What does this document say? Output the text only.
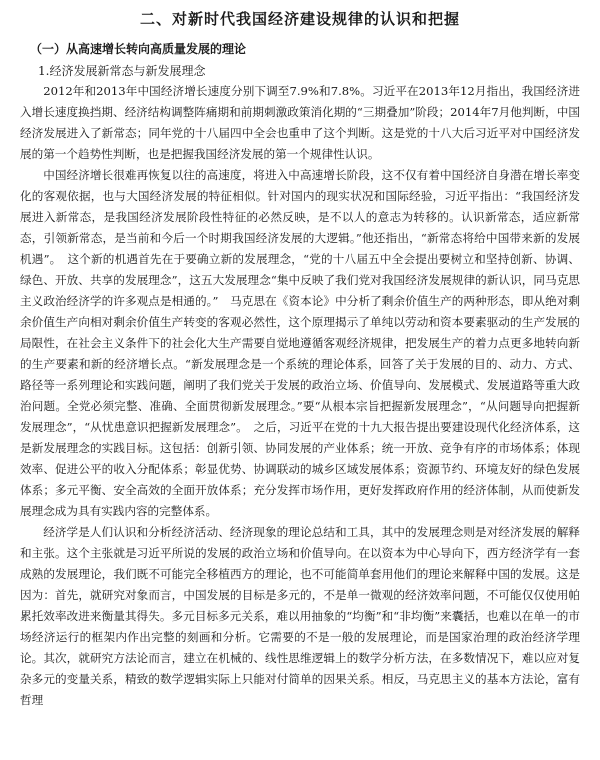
二、对新时代我国经济建设规律的认识和把握
（一）从高速增长转向高质量发展的理论
1.经济发展新常态与新发展理念

2012年和2013年中国经济增长速度分别下调至7.9%和7.8%。习近平在2013年12月指出，我国经济进入增长速度换挡期、经济结构调整阵痛期和前期刺激政策消化期的“三期叠加”阶段；2014年7月他判断，中国经济发展进入了新常态；同年党的十八届四中全会也重申了这个判断。这是党的十八大后习近平对中国经济发展的第一个趋势性判断，也是把握我国经济发展的第一个规律性认识。

中国经济增长很难再恢复以往的高速度，将进入中高速增长阶段，这不仅有着中国经济自身潜在增长率变化的客观依据，也与大国经济发展的特征相似。针对国内的现实状况和国际经验，习近平指出：“我国经济发展进入新常态，是我国经济发展阶段性特征的必然反映，是不以人的意志为转移的。认识新常态，适应新常态，引领新常态，是当前和今后一个时期我国经济发展的大逻辑。”他还指出，“新常态将给中国带来新的发展机遇”。　这个新的机遇首先在于要确立新的发展理念，“党的十八届五中全会提出要树立和坚持创新、协调、绿色、开放、共享的发展理念”，这五大发展理念“集中反映了我们党对我国经济发展规律的新认识，同马克思主义政治经济学的许多观点是相通的。”　马克思在《资本论》中分析了剩余价值生产的两种形态，即从绝对剩余价值生产向相对剩余价值生产转变的客观必然性，这个原理揭示了单纯以劳动和资本要素驱动的生产发展的局限性，在社会主义条件下的社会化大生产需要自觉地遵循客观经济规律，把发展生产的着力点更多地转向新的生产要素和新的经济增长点。“新发展理念是一个系统的理论体系，回答了关于发展的目的、动力、方式、路径等一系列理论和实践问题，阐明了我们党关于发展的政治立场、价值导向、发展模式、发展道路等重大政治问题。全党必须完整、准确、全面贯彻新发展理念。”要“从根本宗旨把握新发展理念”，“从问题导向把握新发展理念”，“从忧患意识把握新发展理念”。　之后，习近平在党的十九大报告提出要建设现代化经济体系，这是新发展理念的实践目标。这包括：创新引领、协同发展的产业体系；统一开放、竞争有序的市场体系；体现效率、促进公平的收入分配体系；彰显优势、协调联动的城乡区域发展体系；资源节约、环境友好的绿色发展体系；多元平衡、安全高效的全面开放体系；充分发挥市场作用，更好发挥政府作用的经济体制，从而使新发展理念成为具有实践内容的完整体系。

经济学是人们认识和分析经济活动、经济现象的理论总结和工具，其中的发展理念则是对经济发展的解释和主张。这个主张就是习近平所说的发展的政治立场和价值导向。在以资本为中心导向下，西方经济学有一套成熟的发展理论，我们既不可能完全移植西方的理论，也不可能简单套用他们的理论来解释中国的发展。这是因为：首先，就研究对象而言，中国发展的目标是多元的，不是单一微观的经济效率问题，不可能仅仅使用帕累托效率改进来衡量其得失。多元目标多元关系，难以用抽象的“均衡”和“非均衡”来囊括，也难以在单一的市场经济运行的框架内作出完整的刻画和分析。它需要的不是一般的发展理论，而是国家治理的政治经济学理论。其次，就研究方法论而言，建立在机械的、线性思维逻辑上的数学分析方法，在多数情况下，难以应对复杂多元的变量关系，精致的数学逻辑实际上只能对付简单的因果关系。相反，马克思主义的基本方法论，富有哲理
